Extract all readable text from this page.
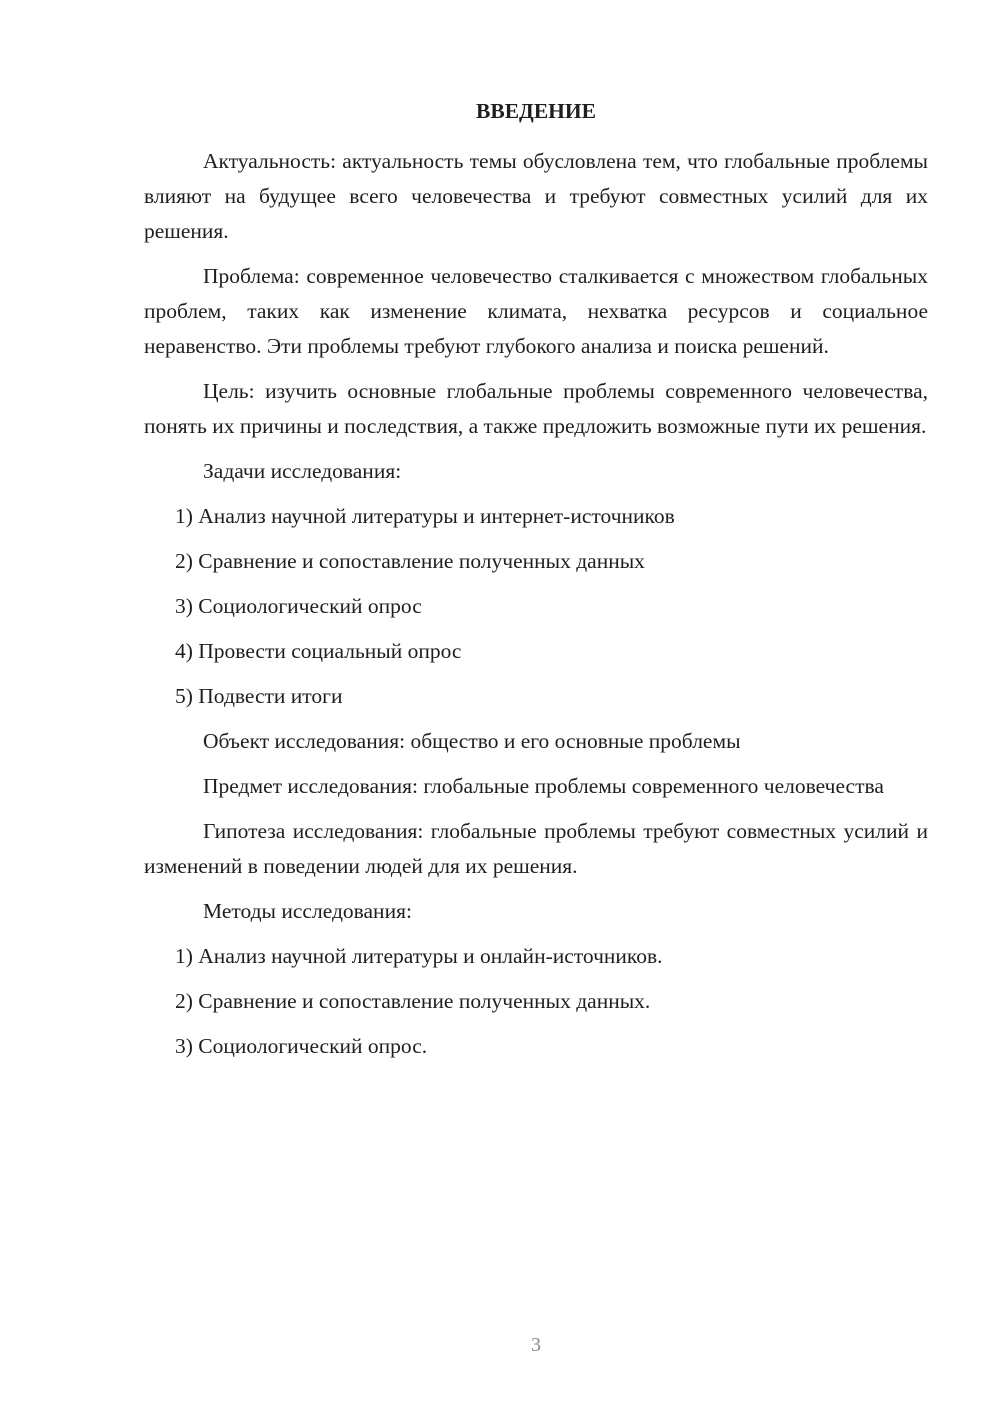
ВВЕДЕНИЕ

Актуальность: актуальность темы обусловлена тем, что глобальные проблемы влияют на будущее всего человечества и требуют совместных усилий для их решения.

Проблема: современное человечество сталкивается с множеством глобальных проблем, таких как изменение климата, нехватка ресурсов и социальное неравенство. Эти проблемы требуют глубокого анализа и поиска решений.

Цель: изучить основные глобальные проблемы современного человечества, понять их причины и последствия, а также предложить возможные пути их решения.

Задачи исследования:

1) Анализ научной литературы и интернет-источников
2) Сравнение и сопоставление полученных данных
3) Социологический опрос
4) Провести социальный опрос
5) Подвести итоги

Объект исследования: общество и его основные проблемы

Предмет исследования: глобальные проблемы современного человечества

Гипотеза исследования: глобальные проблемы требуют совместных усилий и изменений в поведении людей для их решения.

Методы исследования:

1) Анализ научной литературы и онлайн-источников.
2) Сравнение и сопоставление полученных данных.
3) Социологический опрос.
3
